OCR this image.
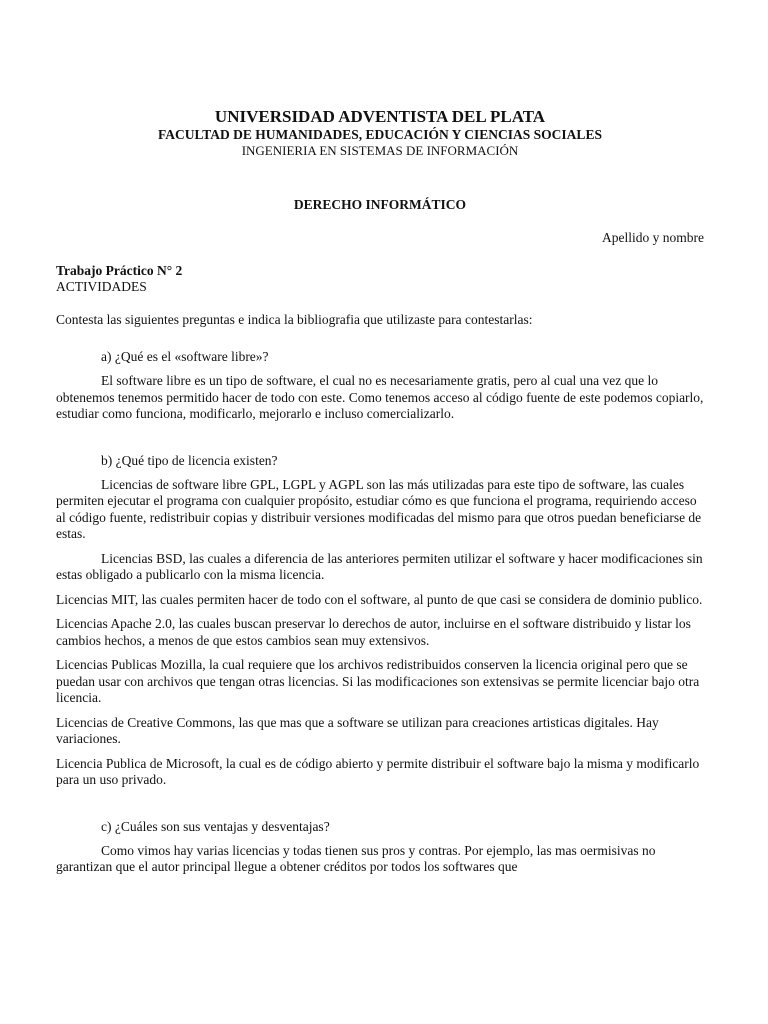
UNIVERSIDAD ADVENTISTA DEL PLATA
FACULTAD DE HUMANIDADES, EDUCACIÓN Y CIENCIAS SOCIALES
INGENIERIA EN SISTEMAS DE INFORMACIÓN
DERECHO INFORMÁTICO
Apellido y nombre
Trabajo Práctico N° 2
ACTIVIDADES
Contesta las siguientes preguntas e indica la bibliografia que utilizaste para contestarlas:
a) ¿Qué es el «software libre»?

El software libre es un tipo de software, el cual no es necesariamente gratis, pero al cual una vez que lo obtenemos tenemos permitido hacer de todo con este. Como tenemos acceso al código fuente de este podemos copiarlo, estudiar como funciona, modificarlo, mejorarlo e incluso comercializarlo.

b) ¿Qué tipo de licencia existen?

Licencias de software libre GPL, LGPL y AGPL son las más utilizadas para este tipo de software, las cuales permiten ejecutar el programa con cualquier propósito, estudiar cómo es que funciona el programa, requiriendo acceso al código fuente, redistribuir copias y distribuir versiones modificadas del mismo para que otros puedan beneficiarse de estas.

Licencias BSD, las cuales a diferencia de las anteriores permiten utilizar el software y hacer modificaciones sin estas obligado a publicarlo con la misma licencia.

Licencias MIT, las cuales permiten hacer de todo con el software, al punto de que casi se considera de dominio publico.

Licencias Apache 2.0, las cuales buscan preservar lo derechos de autor, incluirse en el software distribuido y listar los cambios hechos, a menos de que estos cambios sean muy extensivos.

Licencias Publicas Mozilla, la cual requiere que los archivos redistribuidos conserven la licencia original pero que se puedan usar con archivos que tengan otras licencias. Si las modificaciones son extensivas se permite licenciar bajo otra licencia.

Licencias de Creative Commons, las que mas que a software se utilizan para creaciones artisticas digitales. Hay variaciones.

Licencia Publica de Microsoft, la cual es de código abierto y permite distribuir el software bajo la misma y modificarlo para un uso privado.

c) ¿Cuáles son sus ventajas y desventajas?

Como vimos hay varias licencias y todas tienen sus pros y contras. Por ejemplo, las mas oermisivas no garantizan que el autor principal llegue a obtener créditos por todos los softwares que
